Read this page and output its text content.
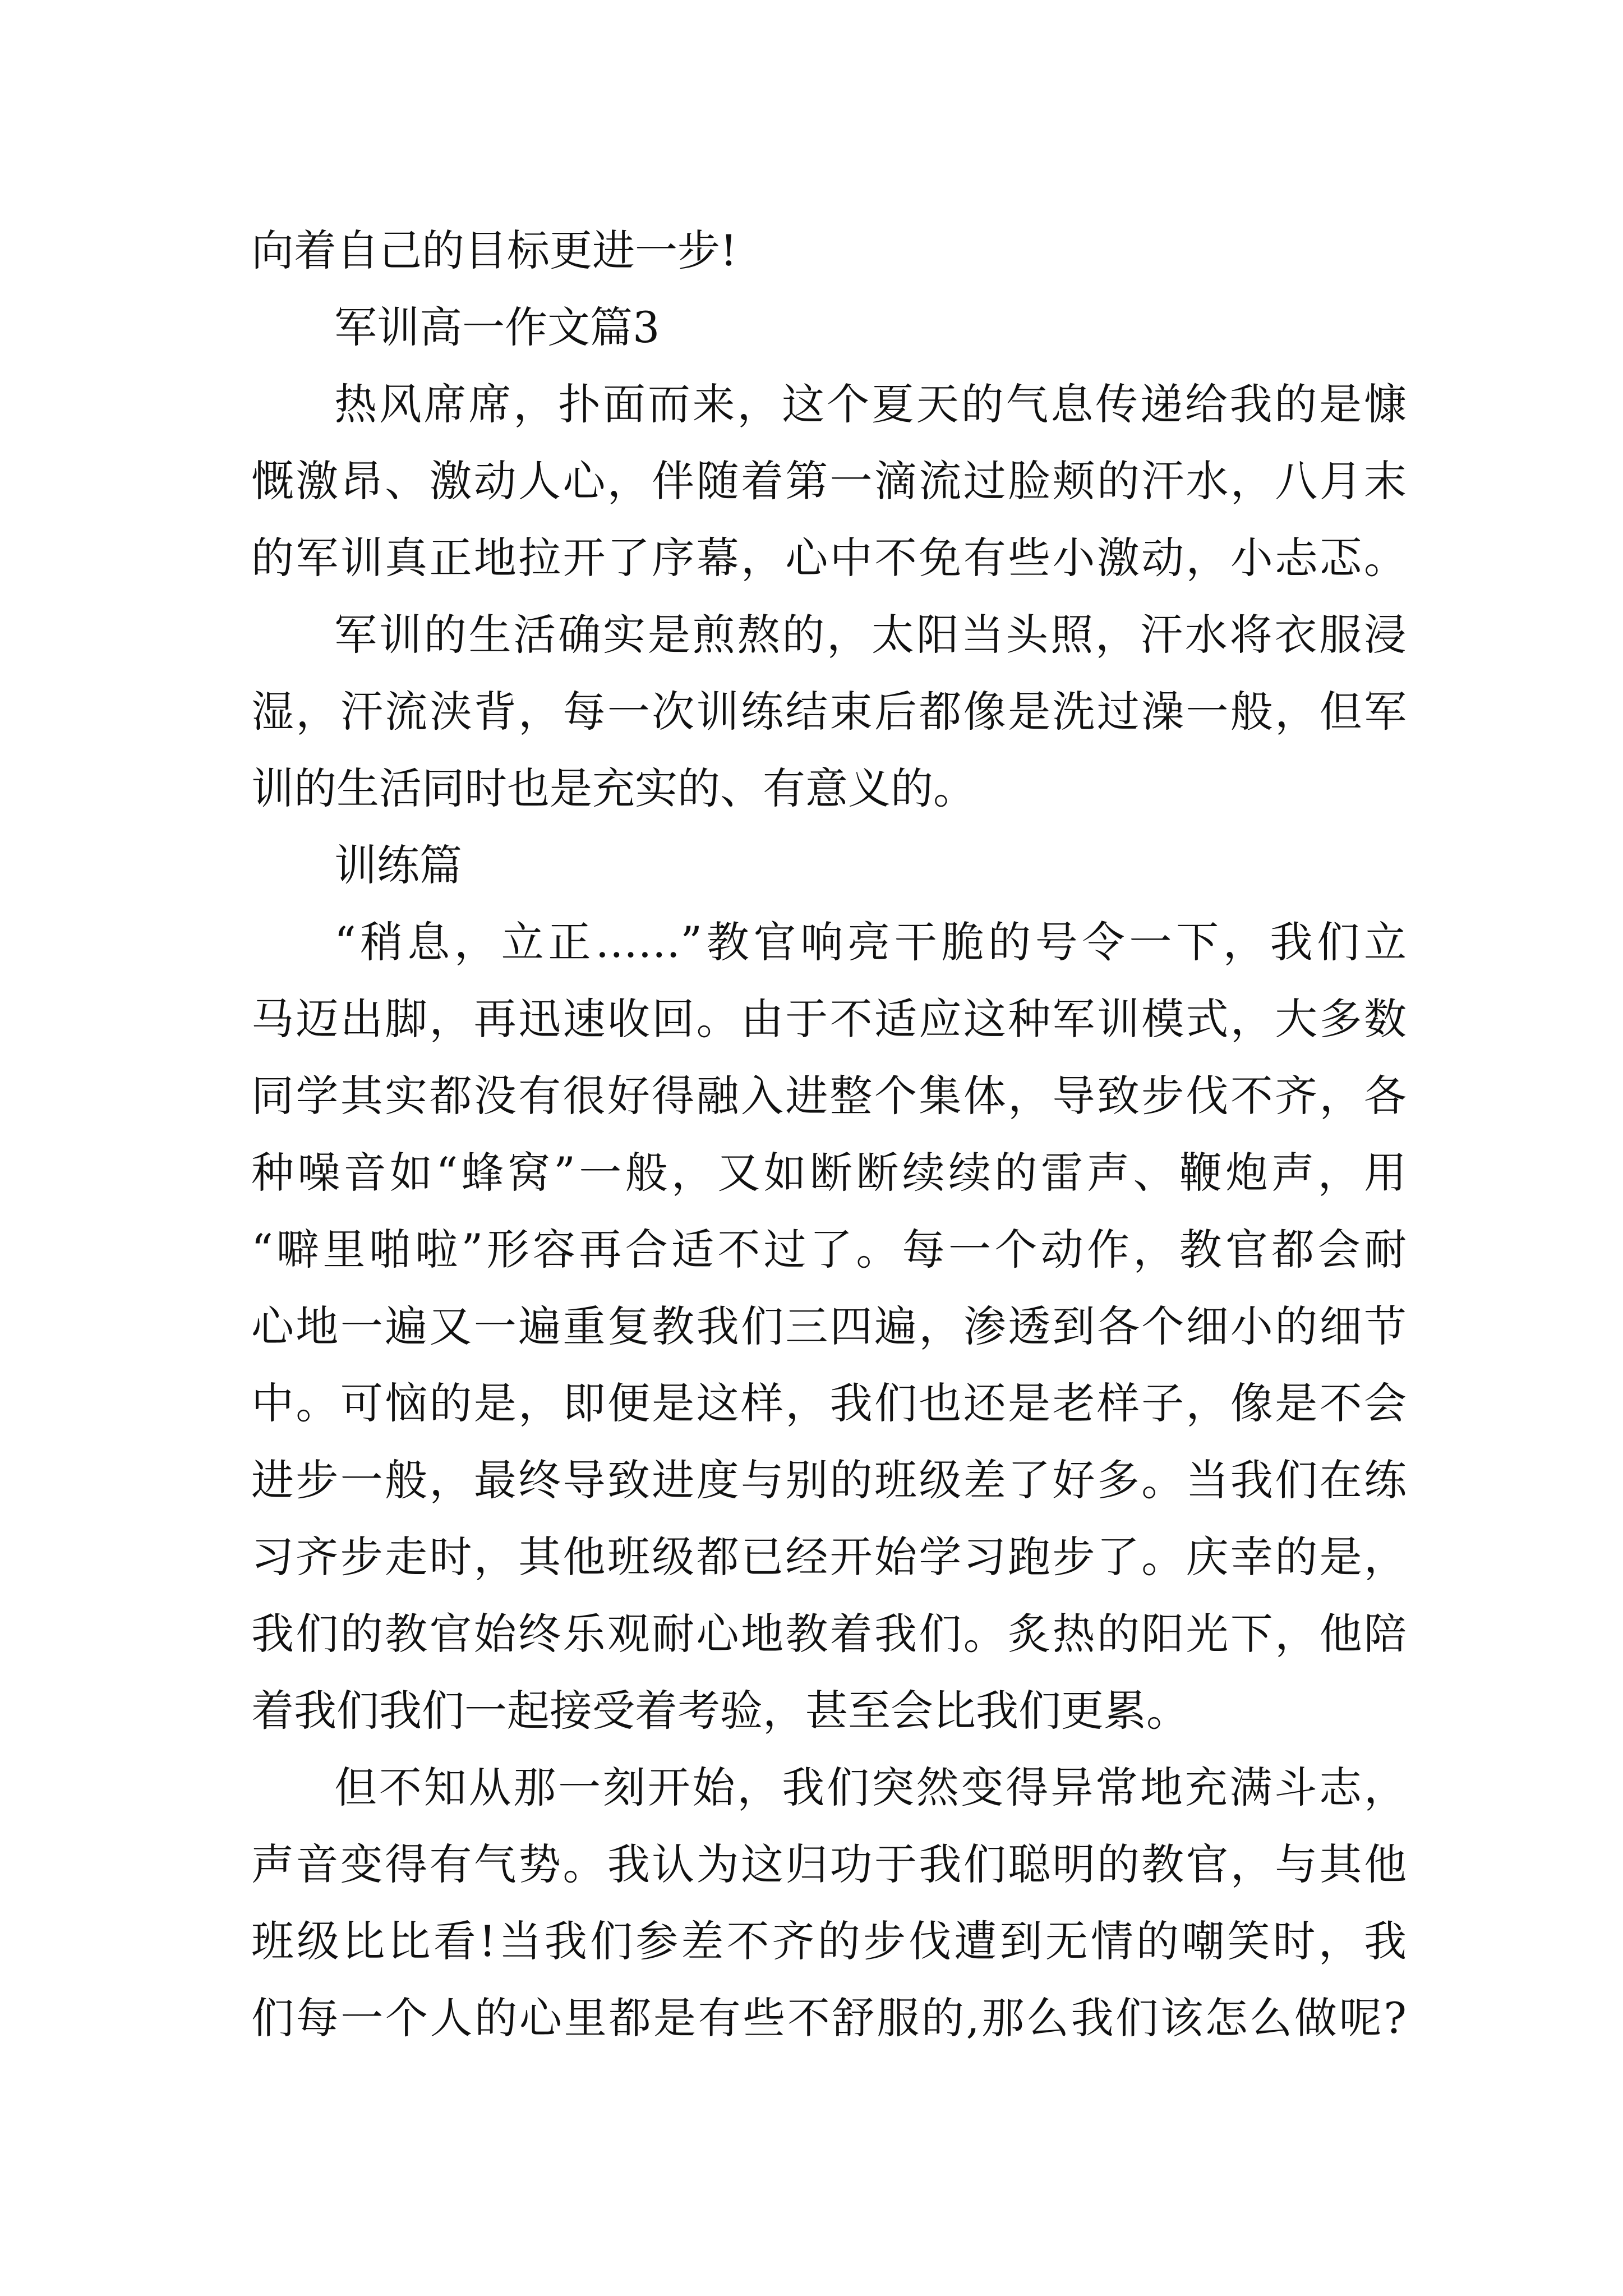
向着自己的目标更进一步!
军训高一作文篇3
热风席席，扑面而来，这个夏天的气息传递给我的是慷
慨激昂、激动人心，伴随着第一滴流过脸颊的汗水，八月末
的军训真正地拉开了序幕，心中不免有些小激动，小忐忑。
军训的生活确实是煎熬的，太阳当头照，汗水将衣服浸
湿，汗流浃背，每一次训练结束后都像是洗过澡一般，但军
训的生活同时也是充实的、有意义的。
训练篇
“稍息，立正……”教官响亮干脆的号令一下，我们立
马迈出脚，再迅速收回。由于不适应这种军训模式，大多数
同学其实都没有很好得融入进整个集体，导致步伐不齐，各
种噪音如“蜂窝”一般，又如断断续续的雷声、鞭炮声，用
“噼里啪啦”形容再合适不过了。每一个动作，教官都会耐
心地一遍又一遍重复教我们三四遍，渗透到各个细小的细节
中。可恼的是，即便是这样，我们也还是老样子，像是不会
进步一般，最终导致进度与别的班级差了好多。当我们在练
习齐步走时，其他班级都已经开始学习跑步了。庆幸的是，
我们的教官始终乐观耐心地教着我们。炙热的阳光下，他陪
着我们我们一起接受着考验，甚至会比我们更累。
但不知从那一刻开始，我们突然变得异常地充满斗志，
声音变得有气势。我认为这归功于我们聪明的教官，与其他
班级比比看!当我们参差不齐的步伐遭到无情的嘲笑时，我
们每一个人的心里都是有些不舒服的,那么我们该怎么做呢?
